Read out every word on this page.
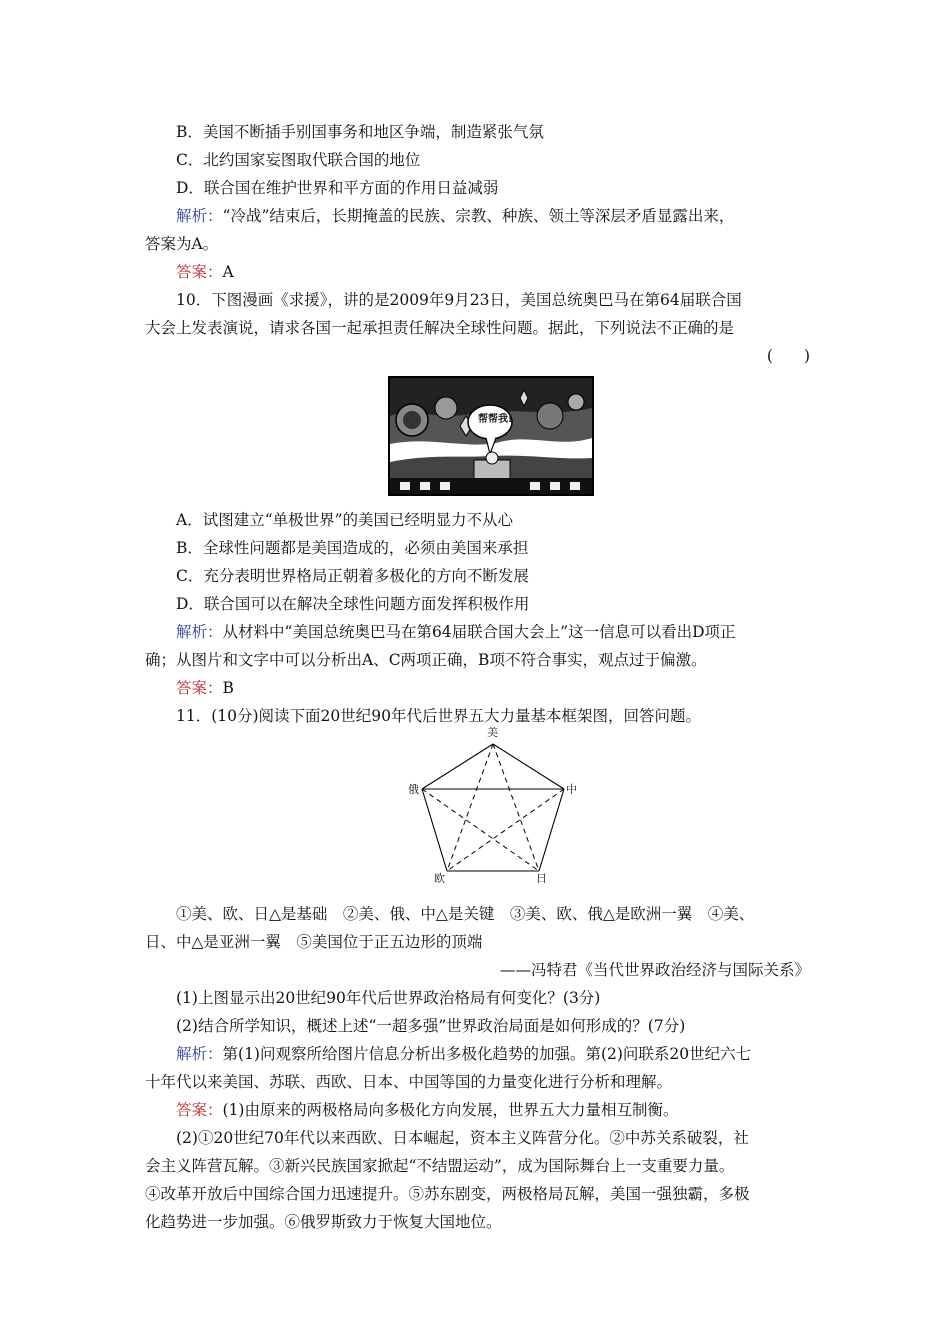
B．美国不断插手别国事务和地区争端，制造紧张气氛
C．北约国家妄图取代联合国的地位
D．联合国在维护世界和平方面的作用日益减弱
解析：“冷战”结束后，长期掩盖的民族、宗教、种族、领土等深层矛盾显露出来，
答案为A。
答案：A
10．下图漫画《求援》，讲的是2009年9月23日，美国总统奥巴马在第64届联合国
大会上发表演说，请求各国一起承担责任解决全球性问题。据此，下列说法不正确的是
(　　)
帮帮我!
A．试图建立“单极世界”的美国已经明显力不从心
B．全球性问题都是美国造成的，必须由美国来承担
C．充分表明世界格局正朝着多极化的方向不断发展
D．联合国可以在解决全球性问题方面发挥积极作用
解析：从材料中“美国总统奥巴马在第64届联合国大会上”这一信息可以看出D项正
确；从图片和文字中可以分析出A、C两项正确，B项不符合事实，观点过于偏激。
答案：B
11．(10分)阅读下面20世纪90年代后世界五大力量基本框架图，回答问题。
美
俄	中
欧	日
①美、欧、日△是基础　②美、俄、中△是关键　③美、欧、俄△是欧洲一翼　④美、
日、中△是亚洲一翼　⑤美国位于正五边形的顶端
——冯特君《当代世界政治经济与国际关系》
(1)上图显示出20世纪90年代后世界政治格局有何变化？(3分)
(2)结合所学知识，概述上述“一超多强”世界政治局面是如何形成的？(7分)
解析：第(1)问观察所给图片信息分析出多极化趋势的加强。第(2)问联系20世纪六七
十年代以来美国、苏联、西欧、日本、中国等国的力量变化进行分析和理解。
答案：(1)由原来的两极格局向多极化方向发展，世界五大力量相互制衡。
(2)①20世纪70年代以来西欧、日本崛起，资本主义阵营分化。②中苏关系破裂，社
会主义阵营瓦解。③新兴民族国家掀起“不结盟运动”，成为国际舞台上一支重要力量。
④改革开放后中国综合国力迅速提升。⑤苏东剧变，两极格局瓦解，美国一强独霸，多极
化趋势进一步加强。⑥俄罗斯致力于恢复大国地位。
